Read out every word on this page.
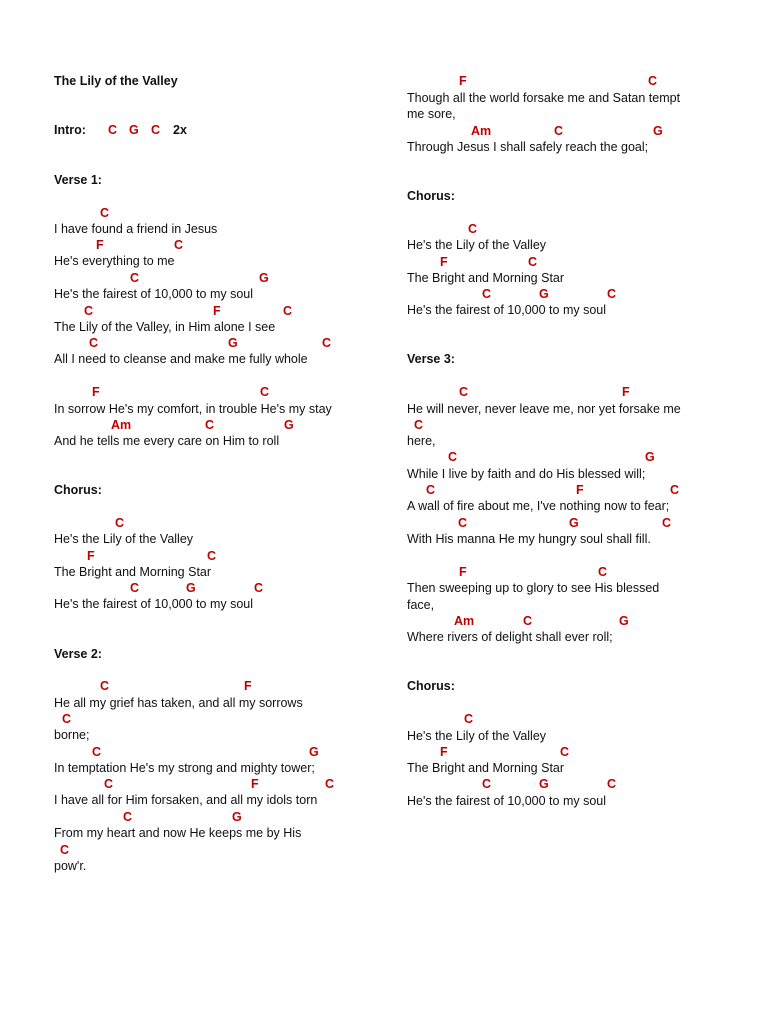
The Lily of the Valley
Intro: C G C 2x
Verse 1:
C
I have found a friend in Jesus
F	C
He's everything to me
C	G
He's the fairest of 10,000 to my soul
C	F	C
The Lily of the Valley, in Him alone I see
C	G	C
All I need to cleanse and make me fully whole
F	C
In sorrow He's my comfort, in trouble He's my stay
Am	C	G
And he tells me every care on Him to roll
Chorus:
C
He's the Lily of the Valley
F	C
The Bright and Morning Star
C	G	C
He's the fairest of 10,000 to my soul
Verse 2:
C	F
He all my grief has taken, and all my sorrows
C
borne;
C	G
In temptation He's my strong and mighty tower;
C	F	C
I have all for Him forsaken, and all my idols torn
C	G
From my heart and now He keeps me by His
C
pow'r.
F	C
Though all the world forsake me and Satan tempt
me sore,
Am	C	G
Through Jesus I shall safely reach the goal;
Chorus:
C
He's the Lily of the Valley
F	C
The Bright and Morning Star
C	G	C
He's the fairest of 10,000 to my soul
Verse 3:
C	F
He will never, never leave me, nor yet forsake me
C
here,
C	G
While I live by faith and do His blessed will;
C	F	C
A wall of fire about me, I've nothing now to fear;
C	G	C
With His manna He my hungry soul shall fill.
F	C
Then sweeping up to glory to see His blessed
face,
Am	C	G
Where rivers of delight shall ever roll;
Chorus:
C
He's the Lily of the Valley
F	C
The Bright and Morning Star
C	G	C
He's the fairest of 10,000 to my soul
